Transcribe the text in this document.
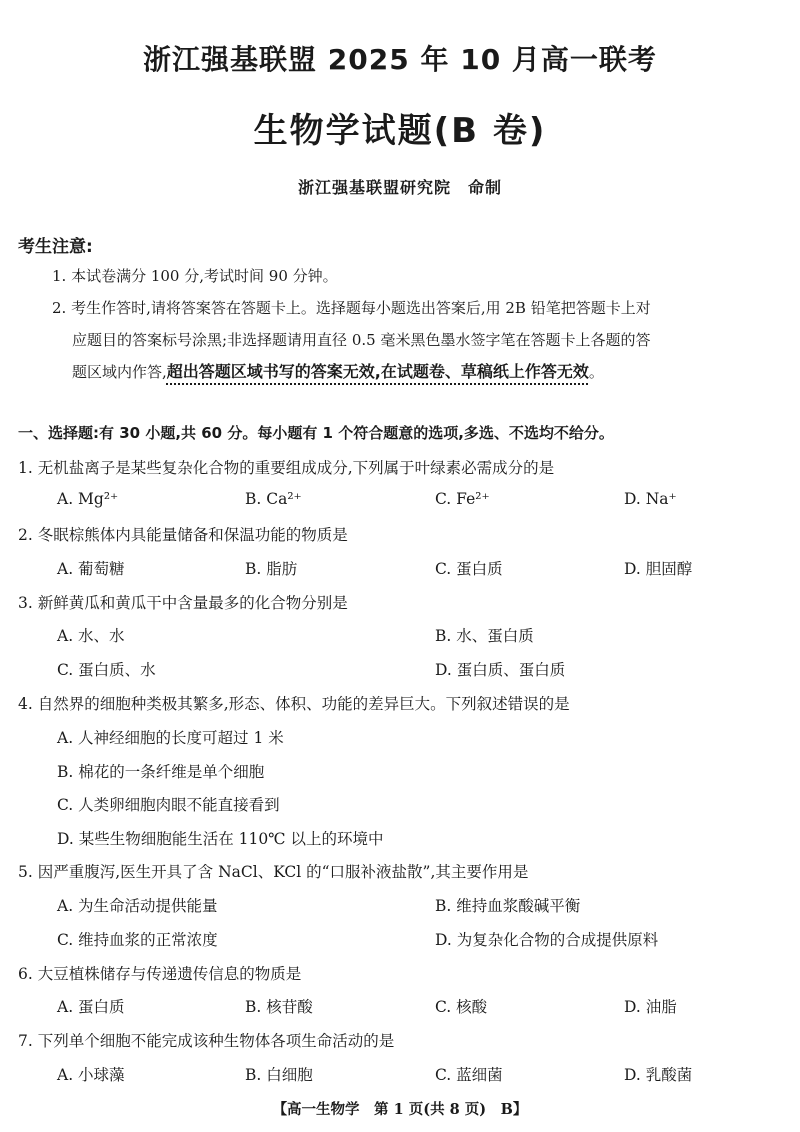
浙江强基联盟 2025 年 10 月高一联考
生物学试题(B 卷)
浙江强基联盟研究院　命制
考生注意:
1. 本试卷满分 100 分,考试时间 90 分钟。
2. 考生作答时,请将答案答在答题卡上。选择题每小题选出答案后,用 2B 铅笔把答题卡上对
应题目的答案标号涂黑;非选择题请用直径 0.5 毫米黑色墨水签字笔在答题卡上各题的答
题区域内作答,超出答题区域书写的答案无效,在试题卷、草稿纸上作答无效。
一、选择题:有 30 小题,共 60 分。每小题有 1 个符合题意的选项,多选、不选均不给分。
1. 无机盐离子是某些复杂化合物的重要组成成分,下列属于叶绿素必需成分的是
A. Mg²⁺	B. Ca²⁺	C. Fe²⁺	D. Na⁺
2. 冬眠棕熊体内具能量储备和保温功能的物质是
A. 葡萄糖	B. 脂肪	C. 蛋白质	D. 胆固醇
3. 新鲜黄瓜和黄瓜干中含量最多的化合物分别是
A. 水、水	B. 水、蛋白质
C. 蛋白质、水	D. 蛋白质、蛋白质
4. 自然界的细胞种类极其繁多,形态、体积、功能的差异巨大。下列叙述错误的是
A. 人神经细胞的长度可超过 1 米
B. 棉花的一条纤维是单个细胞
C. 人类卵细胞肉眼不能直接看到
D. 某些生物细胞能生活在 110℃ 以上的环境中
5. 因严重腹泻,医生开具了含 NaCl、KCl 的“口服补液盐散”,其主要作用是
A. 为生命活动提供能量	B. 维持血浆酸碱平衡
C. 维持血浆的正常浓度	D. 为复杂化合物的合成提供原料
6. 大豆植株储存与传递遗传信息的物质是
A. 蛋白质	B. 核苷酸	C. 核酸	D. 油脂
7. 下列单个细胞不能完成该种生物体各项生命活动的是
A. 小球藻	B. 白细胞	C. 蓝细菌	D. 乳酸菌
【高一生物学　第 1 页(共 8 页)　B】
